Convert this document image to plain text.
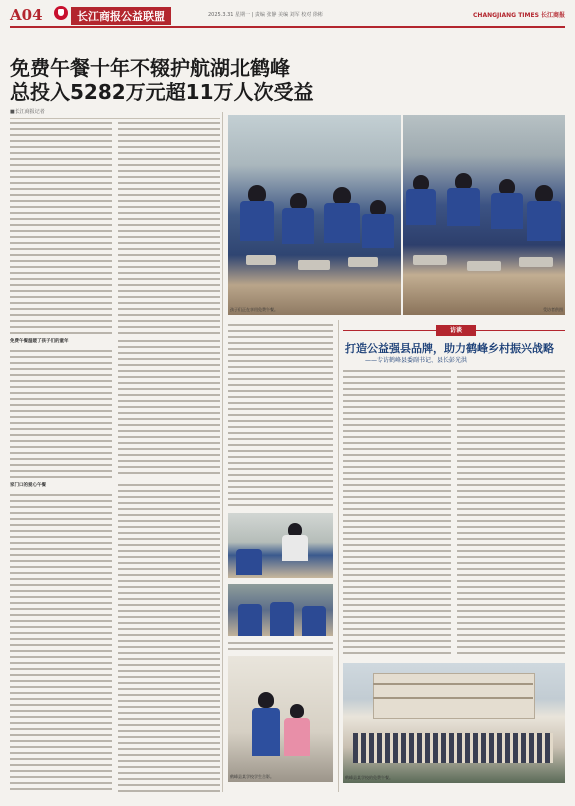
A04	长江商报公益联盟	2025.3.31 星期一 | 责编 张静 美编 刘军 校对 徐彬	CHANGJIANG TIMES 长江商报
免费午餐十年不辍护航湖北鹤峰
总投入5282万元超11万人次受益
■长江商报记者
免费午餐温暖了孩子们的童年
家门口的爱心午餐
孩子们正在享用免费午餐。	受访者供图
鹤峰县某学校学生合影。
访谈
打造公益强县品牌，助力鹤峰乡村振兴战略
——专访鹤峰县委副书记、县长彭光洪
鹤峰县某学校的免费午餐。
